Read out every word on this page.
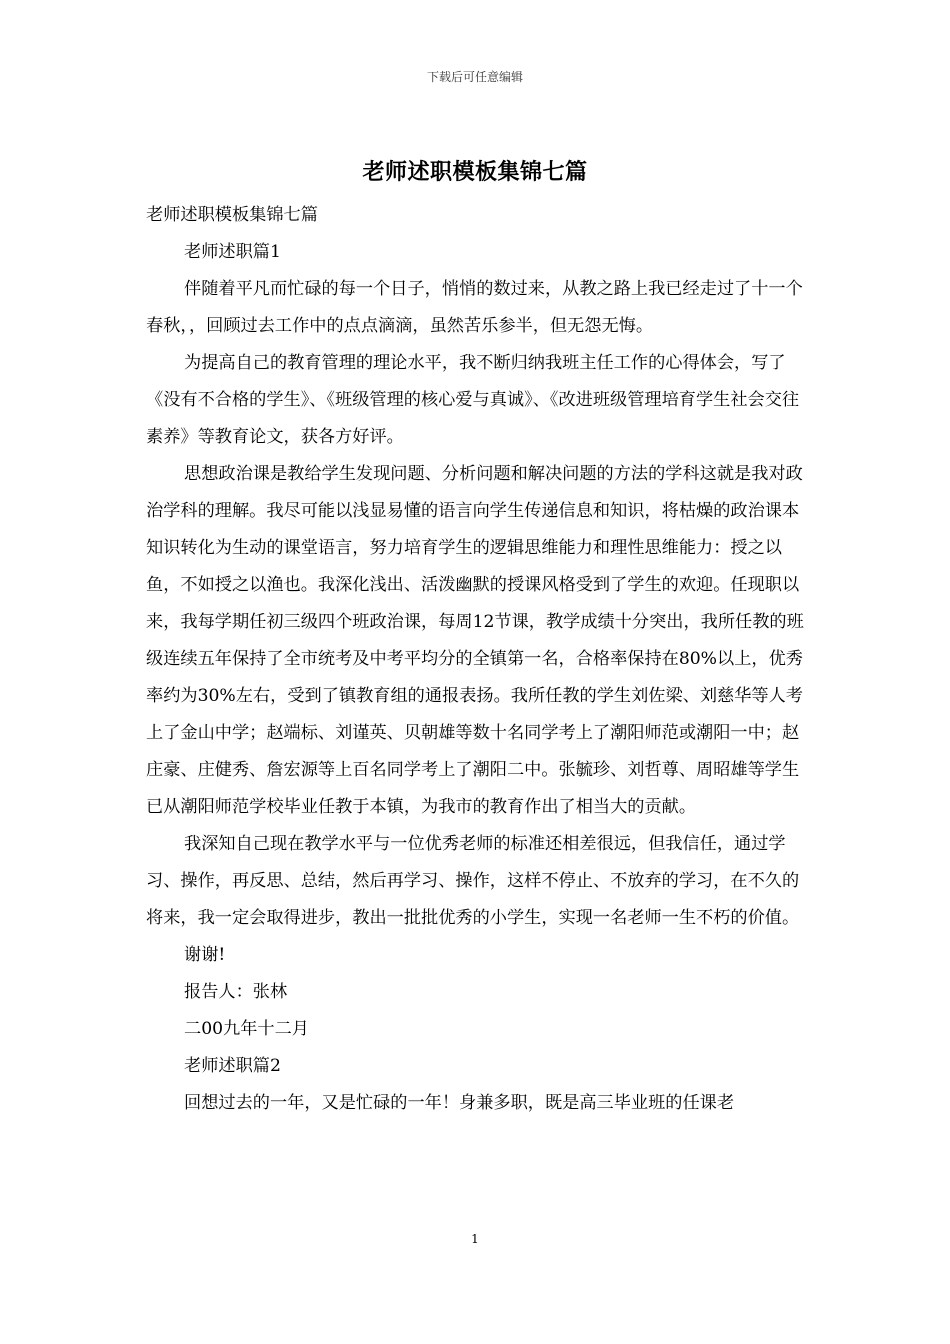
下载后可任意编辑
老师述职模板集锦七篇

老师述职模板集锦七篇

老师述职篇1

伴随着平凡而忙碌的每一个日子，悄悄的数过来，从教之路上我已经走过了十一个春秋，，回顾过去工作中的点点滴滴，虽然苦乐参半，但无怨无悔。

为提高自己的教育管理的理论水平，我不断归纳我班主任工作的心得体会，写了《没有不合格的学生》、《班级管理的核心爱与真诚》、《改进班级管理培育学生社会交往素养》等教育论文，获各方好评。

思想政治课是教给学生发现问题、分析问题和解决问题的方法的学科这就是我对政治学科的理解。我尽可能以浅显易懂的语言向学生传递信息和知识，将枯燥的政治课本知识转化为生动的课堂语言，努力培育学生的逻辑思维能力和理性思维能力：授之以鱼，不如授之以渔也。我深化浅出、活泼幽默的授课风格受到了学生的欢迎。任现职以来，我每学期任初三级四个班政治课，每周12节课，教学成绩十分突出，我所任教的班级连续五年保持了全市统考及中考平均分的全镇第一名，合格率保持在80%以上，优秀率约为30%左右，受到了镇教育组的通报表扬。我所任教的学生刘佐梁、刘慈华等人考上了金山中学；赵端标、刘谨英、贝朝雄等数十名同学考上了潮阳师范或潮阳一中；赵庄豪、庄健秀、詹宏源等上百名同学考上了潮阳二中。张毓珍、刘哲尊、周昭雄等学生已从潮阳师范学校毕业任教于本镇，为我市的教育作出了相当大的贡献。

我深知自己现在教学水平与一位优秀老师的标准还相差很远，但我信任，通过学习、操作，再反思、总结，然后再学习、操作，这样不停止、不放弃的学习，在不久的将来，我一定会取得进步，教出一批批优秀的小学生，实现一名老师一生不朽的价值。

谢谢!

报告人：张林

二00九年十二月

老师述职篇2

回想过去的一年，又是忙碌的一年！身兼多职，既是高三毕业班的任课老

1
